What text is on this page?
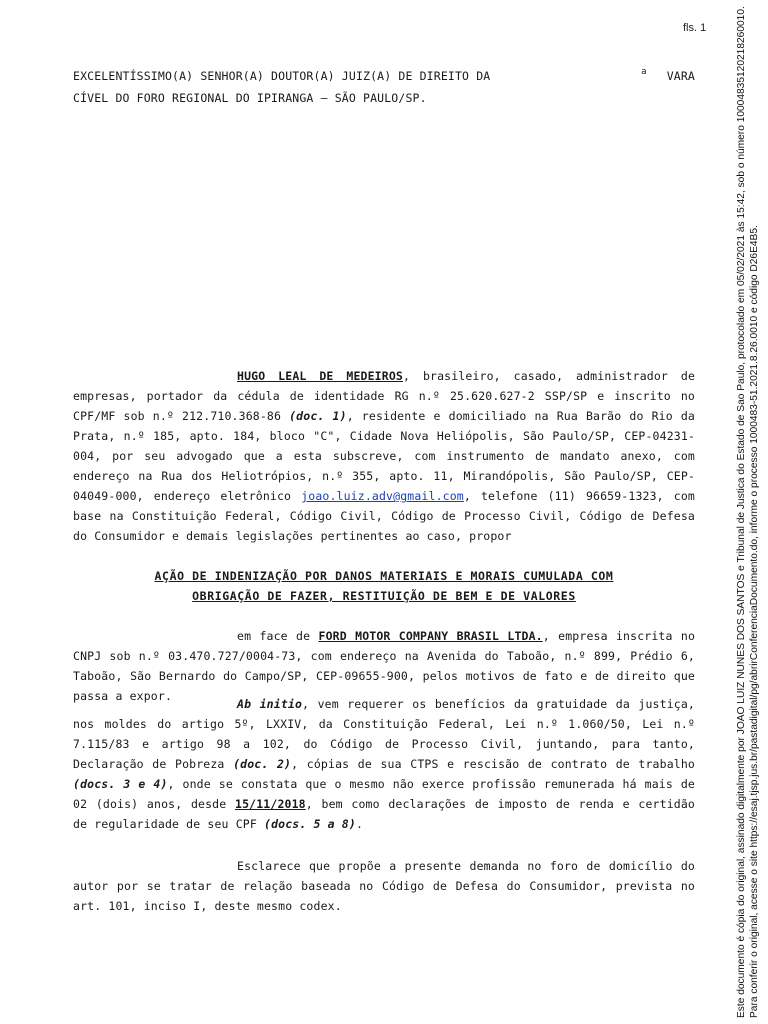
fls. 1
EXCELENTÍSSIMO(A) SENHOR(A) DOUTOR(A) JUIZ(A) DE DIREITO DA	$^a$ VARA
CÍVEL DO FORO REGIONAL DO IPIRANGA – SÃO PAULO/SP.
HUGO LEAL DE MEDEIROS, brasileiro, casado, administrador de empresas, portador da cédula de identidade RG n.º 25.620.627-2 SSP/SP e inscrito no CPF/MF sob n.º 212.710.368-86 (doc. 1), residente e domiciliado na Rua Barão do Rio da Prata, n.º 185, apto. 184, bloco "C", Cidade Nova Heliópolis, São Paulo/SP, CEP-04231-004, por seu advogado que a esta subscreve, com instrumento de mandato anexo, com endereço na Rua dos Heliotrópios, n.º 355, apto. 11, Mirandópolis, São Paulo/SP, CEP-04049-000, endereço eletrônico joao.luiz.adv@gmail.com, telefone (11) 96659-1323, com base na Constituição Federal, Código Civil, Código de Processo Civil, Código de Defesa do Consumidor e demais legislações pertinentes ao caso, propor
AÇÃO DE INDENIZAÇÃO POR DANOS MATERIAIS E MORAIS CUMULADA COM
OBRIGAÇÃO DE FAZER, RESTITUIÇÃO DE BEM E DE VALORES
em face de FORD MOTOR COMPANY BRASIL LTDA., empresa inscrita no CNPJ sob n.º 03.470.727/0004-73, com endereço na Avenida do Taboão, n.º 899, Prédio 6, Taboão, São Bernardo do Campo/SP, CEP-09655-900, pelos motivos de fato e de direito que passa a expor.
Ab initio, vem requerer os benefícios da gratuidade da justiça, nos moldes do artigo 5º, LXXIV, da Constituição Federal, Lei n.º 1.060/50, Lei n.º 7.115/83 e artigo 98 a 102, do Código de Processo Civil, juntando, para tanto, Declaração de Pobreza (doc. 2), cópias de sua CTPS e rescisão de contrato de trabalho (docs. 3 e 4), onde se constata que o mesmo não exerce profissão remunerada há mais de 02 (dois) anos, desde 15/11/2018, bem como declarações de imposto de renda e certidão de regularidade de seu CPF (docs. 5 a 8).
Esclarece que propõe a presente demanda no foro de domicílio do autor por se tratar de relação baseada no Código de Defesa do Consumidor, prevista no art. 101, inciso I, deste mesmo codex.	Este documento é cópia do original, assinado digitalmente por JOAO LUIZ NUNES DOS SANTOS e Tribunal de Justica do Estado de Sao Paulo, protocolado em 05/02/2021 às 15:42, sob o número 10004835120218260010. Para conferir o original, acesse o site https://esaj.tjsp.jus.br/pastadigital/pg/abrirConferenciaDocumento.do, informe o processo 1000483-51.2021.8.26.0010 e código D26E4B5.
